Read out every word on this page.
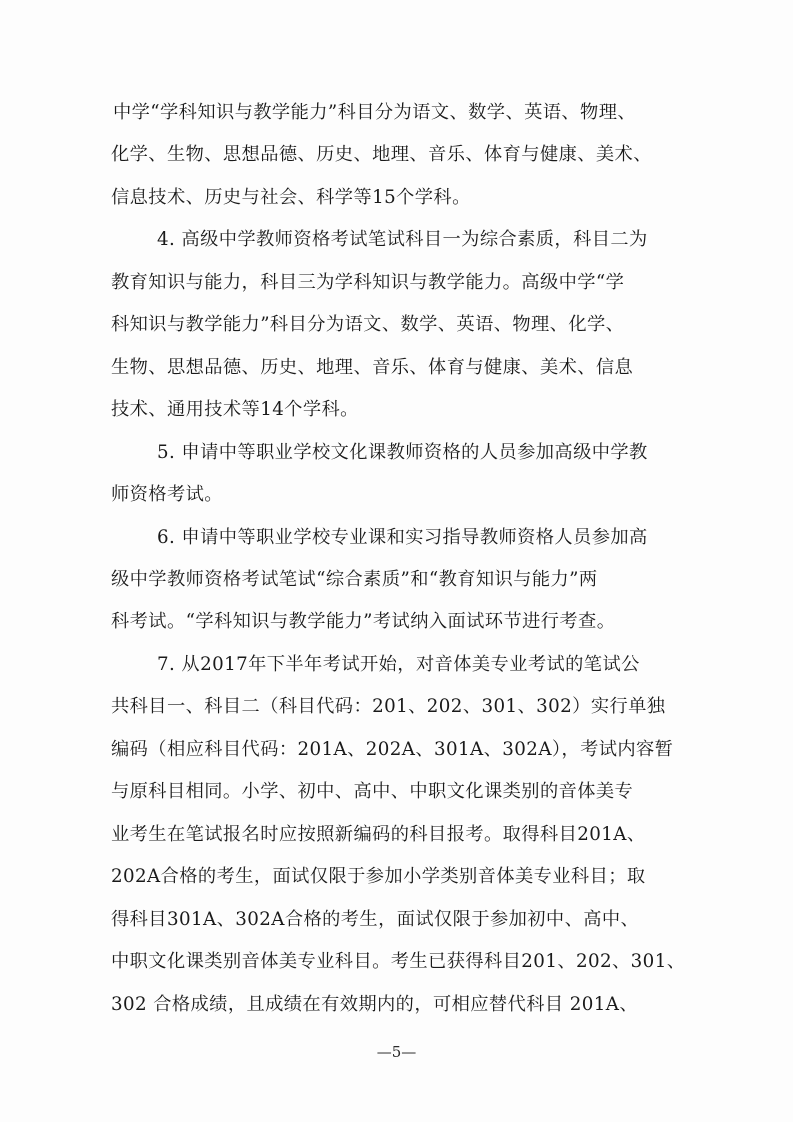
中学“学科知识与教学能力”科目分为语文、数学、英语、物理、
化学、生物、思想品德、历史、地理、音乐、体育与健康、美术、
信息技术、历史与社会、科学等15个学科。
4. 高级中学教师资格考试笔试科目一为综合素质，科目二为
教育知识与能力，科目三为学科知识与教学能力。高级中学“学
科知识与教学能力”科目分为语文、数学、英语、物理、化学、
生物、思想品德、历史、地理、音乐、体育与健康、美术、信息
技术、通用技术等14个学科。
5. 申请中等职业学校文化课教师资格的人员参加高级中学教
师资格考试。
6. 申请中等职业学校专业课和实习指导教师资格人员参加高
级中学教师资格考试笔试“综合素质”和“教育知识与能力”两
科考试。“学科知识与教学能力”考试纳入面试环节进行考查。
7. 从2017年下半年考试开始，对音体美专业考试的笔试公
共科目一、科目二（科目代码：201、202、301、302）实行单独
编码（相应科目代码：201A、202A、301A、302A），考试内容暂
与原科目相同。小学、初中、高中、中职文化课类别的音体美专
业考生在笔试报名时应按照新编码的科目报考。取得科目201A、
—5—
202A合格的考生，面试仅限于参加小学类别音体美专业科目；取
得科目301A、302A合格的考生，面试仅限于参加初中、高中、
中职文化课类别音体美专业科目。考生已获得科目201、202、301、
302 合格成绩，且成绩在有效期内的，可相应替代科目 201A、
